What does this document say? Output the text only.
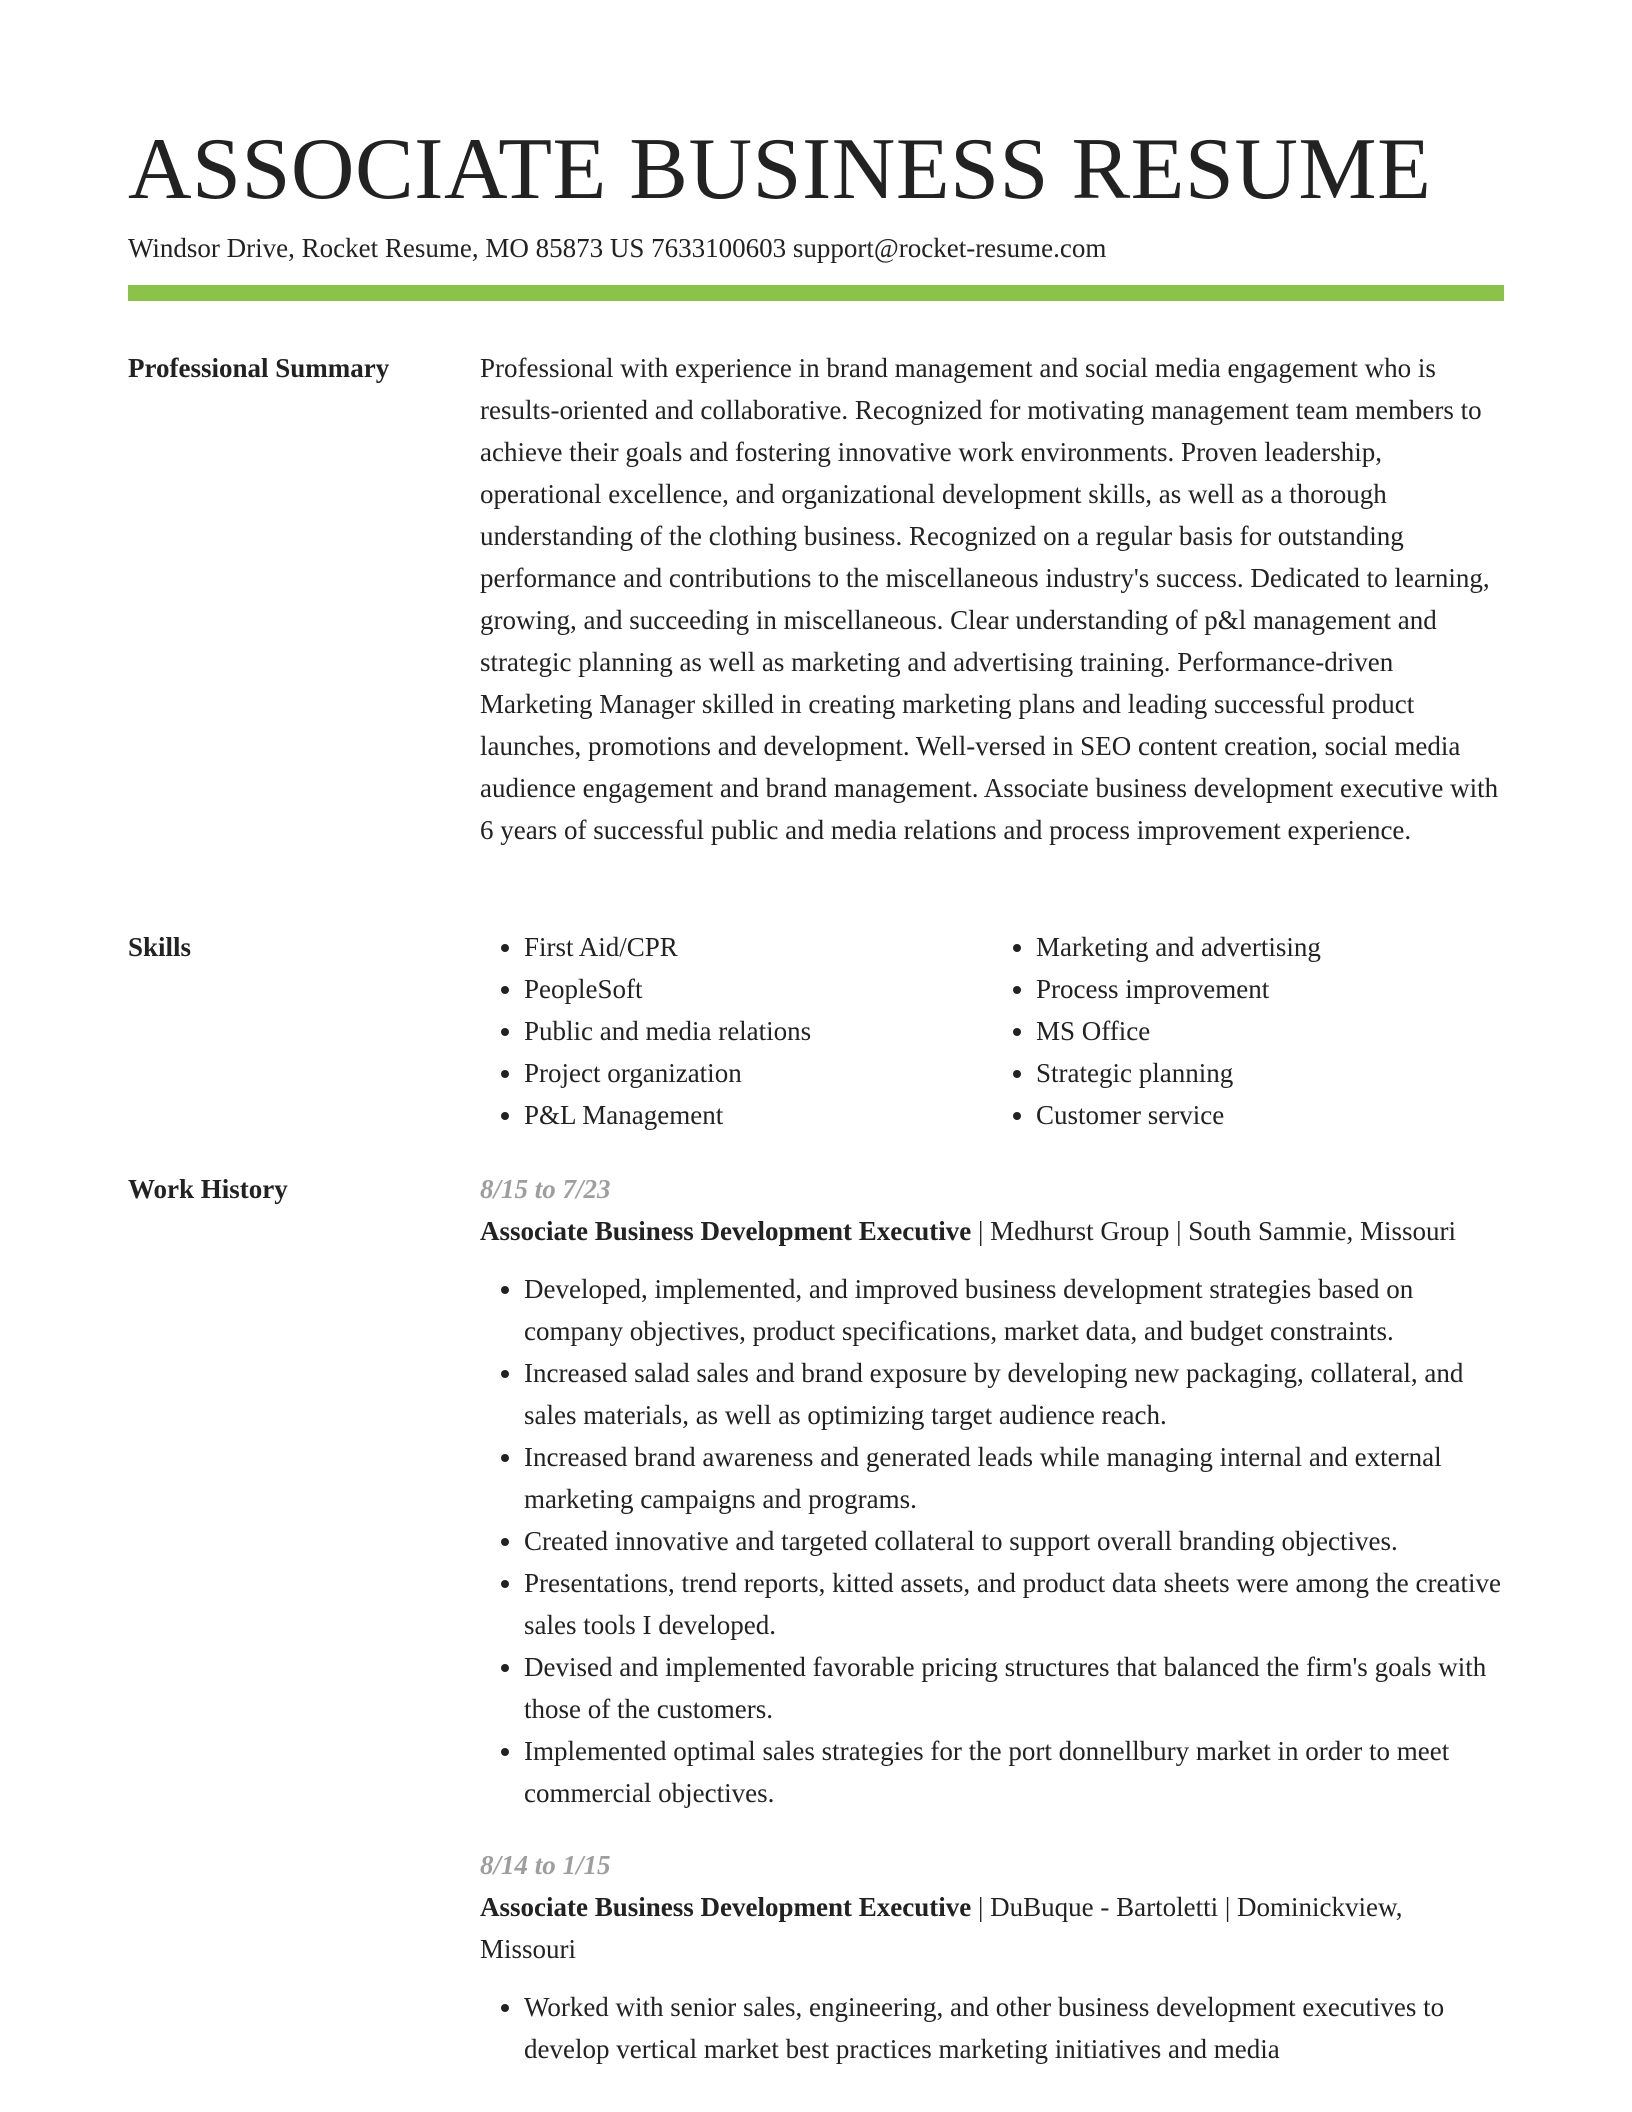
ASSOCIATE BUSINESS RESUME
Windsor Drive, Rocket Resume, MO 85873 US 7633100603 support@rocket-resume.com
Professional Summary	Professional with experience in brand management and social media engagement who is results-oriented and collaborative. Recognized for motivating management team members to achieve their goals and fostering innovative work environments. Proven leadership, operational excellence, and organizational development skills, as well as a thorough understanding of the clothing business. Recognized on a regular basis for outstanding performance and contributions to the miscellaneous industry's success. Dedicated to learning, growing, and succeeding in miscellaneous. Clear understanding of p&l management and strategic planning as well as marketing and advertising training. Performance-driven Marketing Manager skilled in creating marketing plans and leading successful product launches, promotions and development. Well-versed in SEO content creation, social media audience engagement and brand management. Associate business development executive with 6 years of successful public and media relations and process improvement experience.

Skills
•	First Aid/CPR
• PeopleSoft
• Public and media relations
• Project organization
• P&L Management
• Marketing and advertising
• Process improvement
• MS Office
• Strategic planning
• Customer service
Work History	8/15 to 7/23
Associate Business Development Executive | Medhurst Group | South Sammie, Missouri
• Developed, implemented, and improved business development strategies based on company objectives, product specifications, market data, and budget constraints.
• Increased salad sales and brand exposure by developing new packaging, collateral, and sales materials, as well as optimizing target audience reach.
• Increased brand awareness and generated leads while managing internal and external marketing campaigns and programs.
• Created innovative and targeted collateral to support overall branding objectives.
• Presentations, trend reports, kitted assets, and product data sheets were among the creative sales tools I developed.
• Devised and implemented favorable pricing structures that balanced the firm's goals with those of the customers.
• Implemented optimal sales strategies for the port donnellbury market in order to meet commercial objectives.
8/14 to 1/15
Associate Business Development Executive | DuBuque - Bartoletti | Dominickview, Missouri
• Worked with senior sales, engineering, and other business development executives to develop vertical market best practices marketing initiatives and media
